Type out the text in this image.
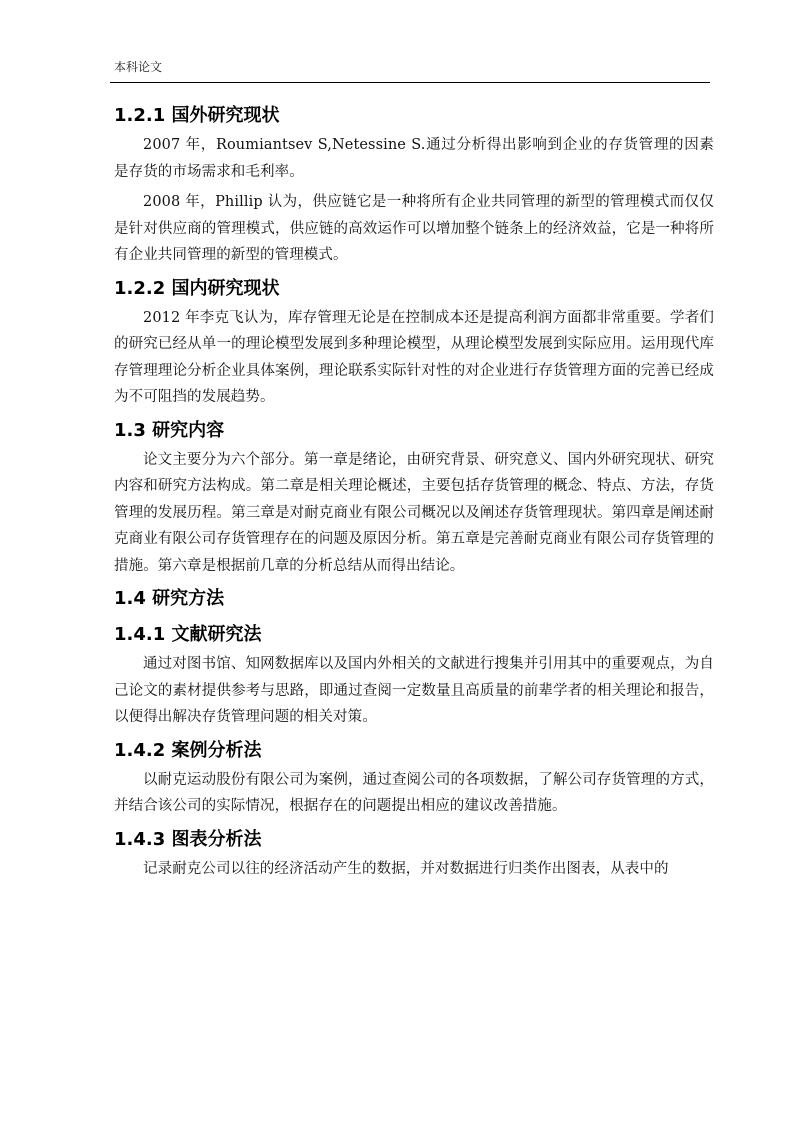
本科论文
1.2.1 国外研究现状

2007 年，Roumiantsev S,Netessine S.通过分析得出影响到企业的存货管理的因素是存货的市场需求和毛利率。

2008 年，Phillip 认为，供应链它是一种将所有企业共同管理的新型的管理模式而仅仅是针对供应商的管理模式，供应链的高效运作可以增加整个链条上的经济效益，它是一种将所有企业共同管理的新型的管理模式。

1.2.2 国内研究现状

2012 年李克飞认为，库存管理无论是在控制成本还是提高利润方面都非常重要。学者们的研究已经从单一的理论模型发展到多种理论模型，从理论模型发展到实际应用。运用现代库存管理理论分析企业具体案例，理论联系实际针对性的对企业进行存货管理方面的完善已经成为不可阻挡的发展趋势。

1.3 研究内容

论文主要分为六个部分。第一章是绪论，由研究背景、研究意义、国内外研究现状、研究内容和研究方法构成。第二章是相关理论概述，主要包括存货管理的概念、特点、方法，存货管理的发展历程。第三章是对耐克商业有限公司概况以及阐述存货管理现状。第四章是阐述耐克商业有限公司存货管理存在的问题及原因分析。第五章是完善耐克商业有限公司存货管理的措施。第六章是根据前几章的分析总结从而得出结论。

1.4 研究方法
1.4.1 文献研究法

通过对图书馆、知网数据库以及国内外相关的文献进行搜集并引用其中的重要观点，为自己论文的素材提供参考与思路，即通过查阅一定数量且高质量的前辈学者的相关理论和报告，以便得出解决存货管理问题的相关对策。

1.4.2 案例分析法

以耐克运动股份有限公司为案例，通过查阅公司的各项数据，了解公司存货管理的方式，并结合该公司的实际情况，根据存在的问题提出相应的建议改善措施。

1.4.3 图表分析法

记录耐克公司以往的经济活动产生的数据，并对数据进行归类作出图表，从表中的
